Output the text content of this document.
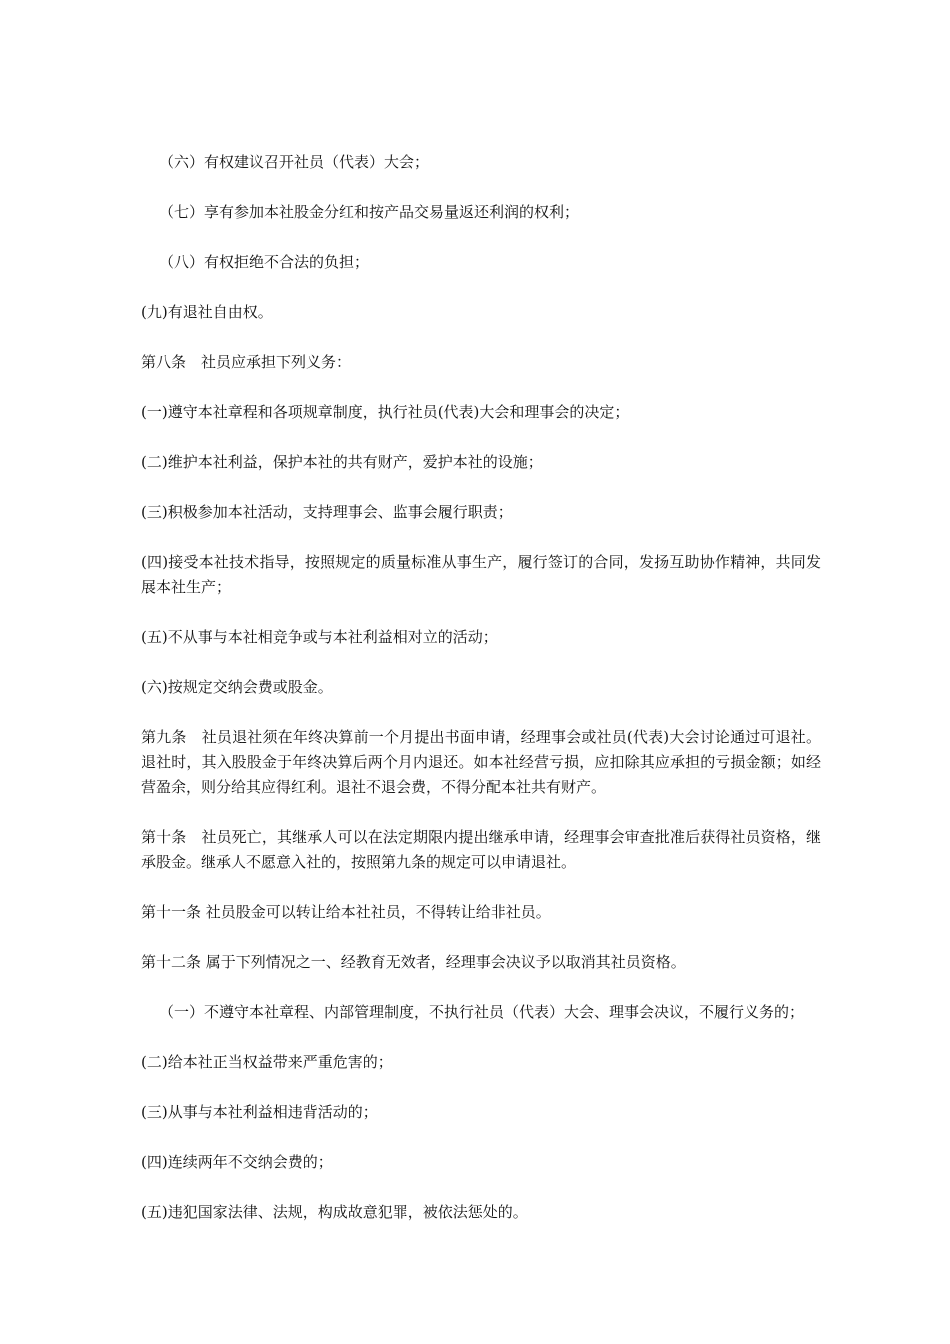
（六）有权建议召开社员（代表）大会；

（七）享有参加本社股金分红和按产品交易量返还利润的权利；

（八）有权拒绝不合法的负担；

(九)有退社自由权。

第八条　社员应承担下列义务：

(一)遵守本社章程和各项规章制度，执行社员(代表)大会和理事会的决定；

(二)维护本社利益，保护本社的共有财产，爱护本社的设施；

(三)积极参加本社活动，支持理事会、监事会履行职责；

(四)接受本社技术指导，按照规定的质量标准从事生产，履行签订的合同，发扬互助协作精神，共同发展本社生产；

(五)不从事与本社相竞争或与本社利益相对立的活动；

(六)按规定交纳会费或股金。

第九条　社员退社须在年终决算前一个月提出书面申请，经理事会或社员(代表)大会讨论通过可退社。退社时，其入股股金于年终决算后两个月内退还。如本社经营亏损，应扣除其应承担的亏损金额；如经营盈余，则分给其应得红利。退社不退会费，不得分配本社共有财产。

第十条　社员死亡，其继承人可以在法定期限内提出继承申请，经理事会审查批准后获得社员资格，继承股金。继承人不愿意入社的，按照第九条的规定可以申请退社。

第十一条 社员股金可以转让给本社社员，不得转让给非社员。

第十二条 属于下列情况之一、经教育无效者，经理事会决议予以取消其社员资格。

（一）不遵守本社章程、内部管理制度，不执行社员（代表）大会、理事会决议，不履行义务的；

(二)给本社正当权益带来严重危害的；

(三)从事与本社利益相违背活动的；

(四)连续两年不交纳会费的；

(五)违犯国家法律、法规，构成故意犯罪，被依法惩处的。
